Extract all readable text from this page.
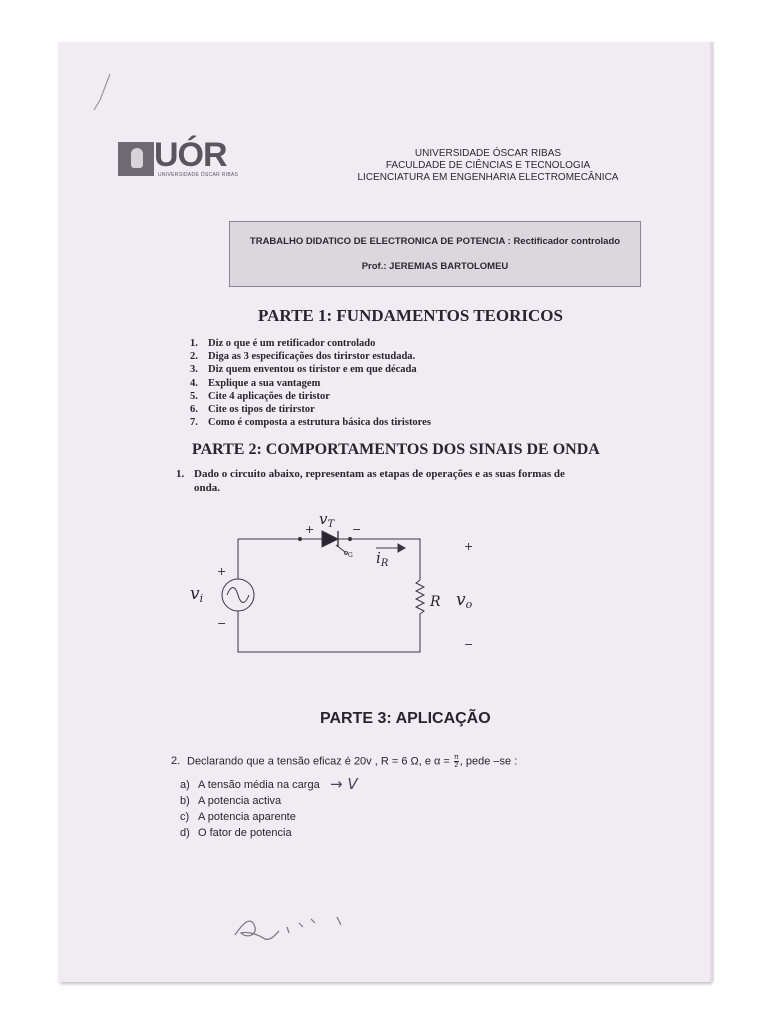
UÓR
UNIVERSIDADE ÓSCAR RIBAS
UNIVERSIDADE ÓSCAR RIBAS
FACULDADE DE CIÊNCIAS E TECNOLOGIA
LICENCIATURA EM ENGENHARIA ELECTROMECÂNICA
TRABALHO DIDATICO DE ELECTRONICA DE POTENCIA : Rectificador controlado
Prof.: JEREMIAS BARTOLOMEU
PARTE 1: FUNDAMENTOS TEORICOS
1. Diz o que é um retificador controlado
2. Diga as 3 especificações dos tirirstor estudada.
3. Diz quem enventou os tiristor e em que década
4. Explique a sua vantagem
5. Cite 4 aplicações de tiristor
6. Cite os tipos de tirirstor
7. Como é composta a estrutura básica dos tiristores
PARTE 2: COMPORTAMENTOS DOS SINAIS DE ONDA
1. Dado o circuito abaixo, representam as etapas de operações e as suas formas de
onda.
$v_T$
+	−
G $i_R$
vi
+
−
R vo
+
−
PARTE 3: APLICAÇÃO
2. Declarando que a tensão eficaz é 20v , R = 6 Ω, e $\alpha = \frac{\pi}{2}$ , pede –se :
a) A tensão média na carga
b) A potencia activa
c) A potencia aparente
d) O fator de potencia
→ V
